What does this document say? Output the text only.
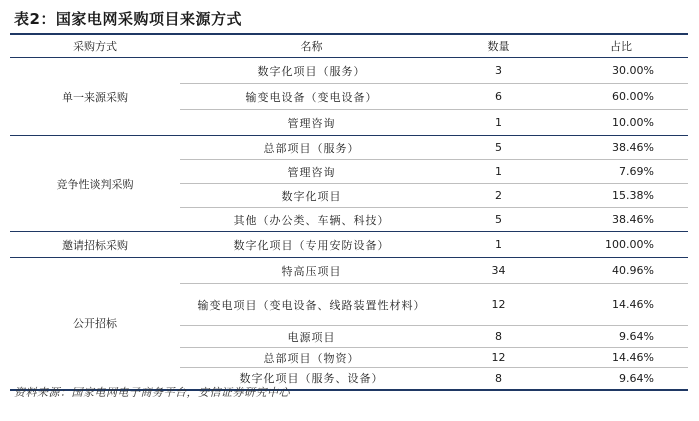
表2：国家电网采购项目来源方式
采购方式	名称	数量	占比
单一来源采购	数字化项目（服务）	3	30.00%
	输变电设备（变电设备）	6	60.00%
	管理咨询	1	10.00%
竞争性谈判采购	总部项目（服务）	5	38.46%
	管理咨询	1	7.69%
	数字化项目	2	15.38%
	其他（办公类、车辆、科技）	5	38.46%
邀请招标采购	数字化项目（专用安防设备）	1	100.00%
公开招标	特高压项目	34	40.96%
	输变电项目（变电设备、线路装置性材料）	12	14.46%
	电源项目	8	9.64%
	总部项目（物资）	12	14.46%
	数字化项目（服务、设备）	8	9.64%
资料来源：国家电网电子商务平台，安信证券研究中心
